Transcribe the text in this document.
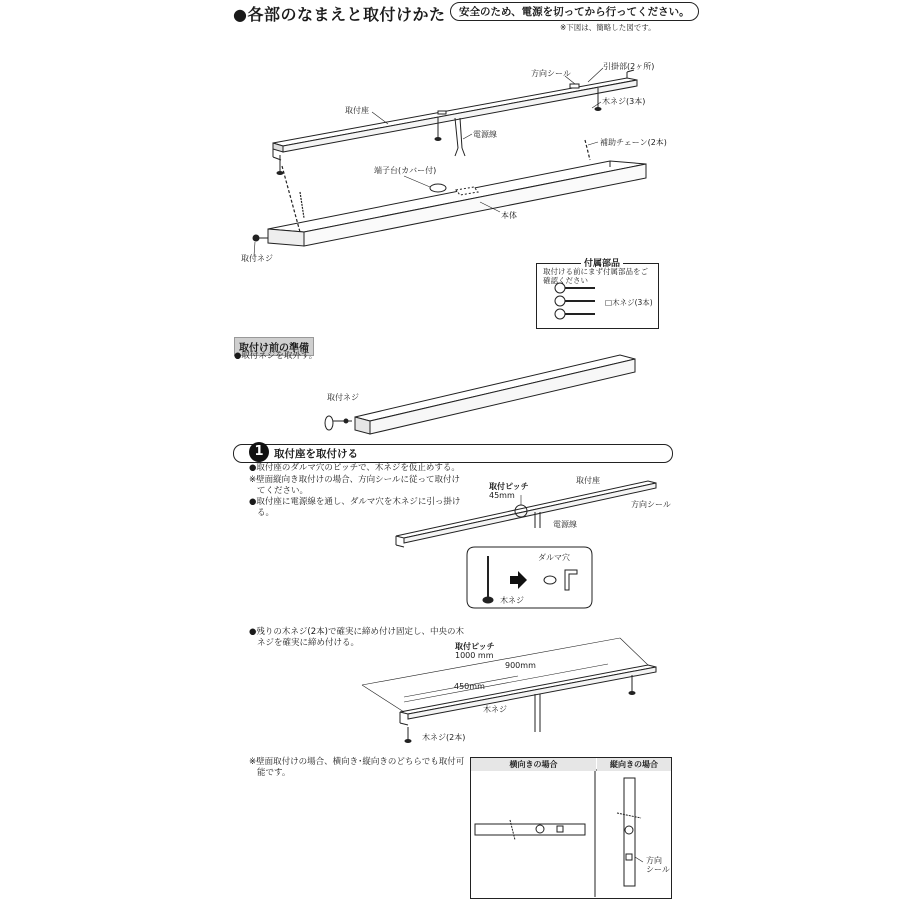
●各部のなまえと取付けかた	安全のため、電源を切ってから行ってください。
※下図は、簡略した図です。
方向シール
引掛部(2ヶ所)
取付座
木ネジ(3本)
電源線
補助チェーン(2本)
端子台(カバー付)
本体
取付ネジ
付属部品
取付ける前にまず付属部品をご確認ください
□木ネジ(3本)
取付け前の準備
●取付ネジを取外す。
取付ネジ
1 取付座を取付ける
●取付座のダルマ穴のピッチで、木ネジを仮止めする。
※壁面縦向き取付けの場合、方向シールに従って取付け
てください。
●取付座に電源線を通し、ダルマ穴を木ネジに引っ掛け
る。
取付ピッチ
45mm
取付座
方向シール
電源線
ダルマ穴
木ネジ
●残りの木ネジ(2本)で確実に締め付け固定し、中央の木
ネジを確実に締め付ける。	取付ピッチ
1000 mm
900mm
450mm
木ネジ
木ネジ(2本)
※壁面取付けの場合、横向き･縦向きのどちらでも取付可
能です。
横向きの場合	縦向きの場合
方向
シール
